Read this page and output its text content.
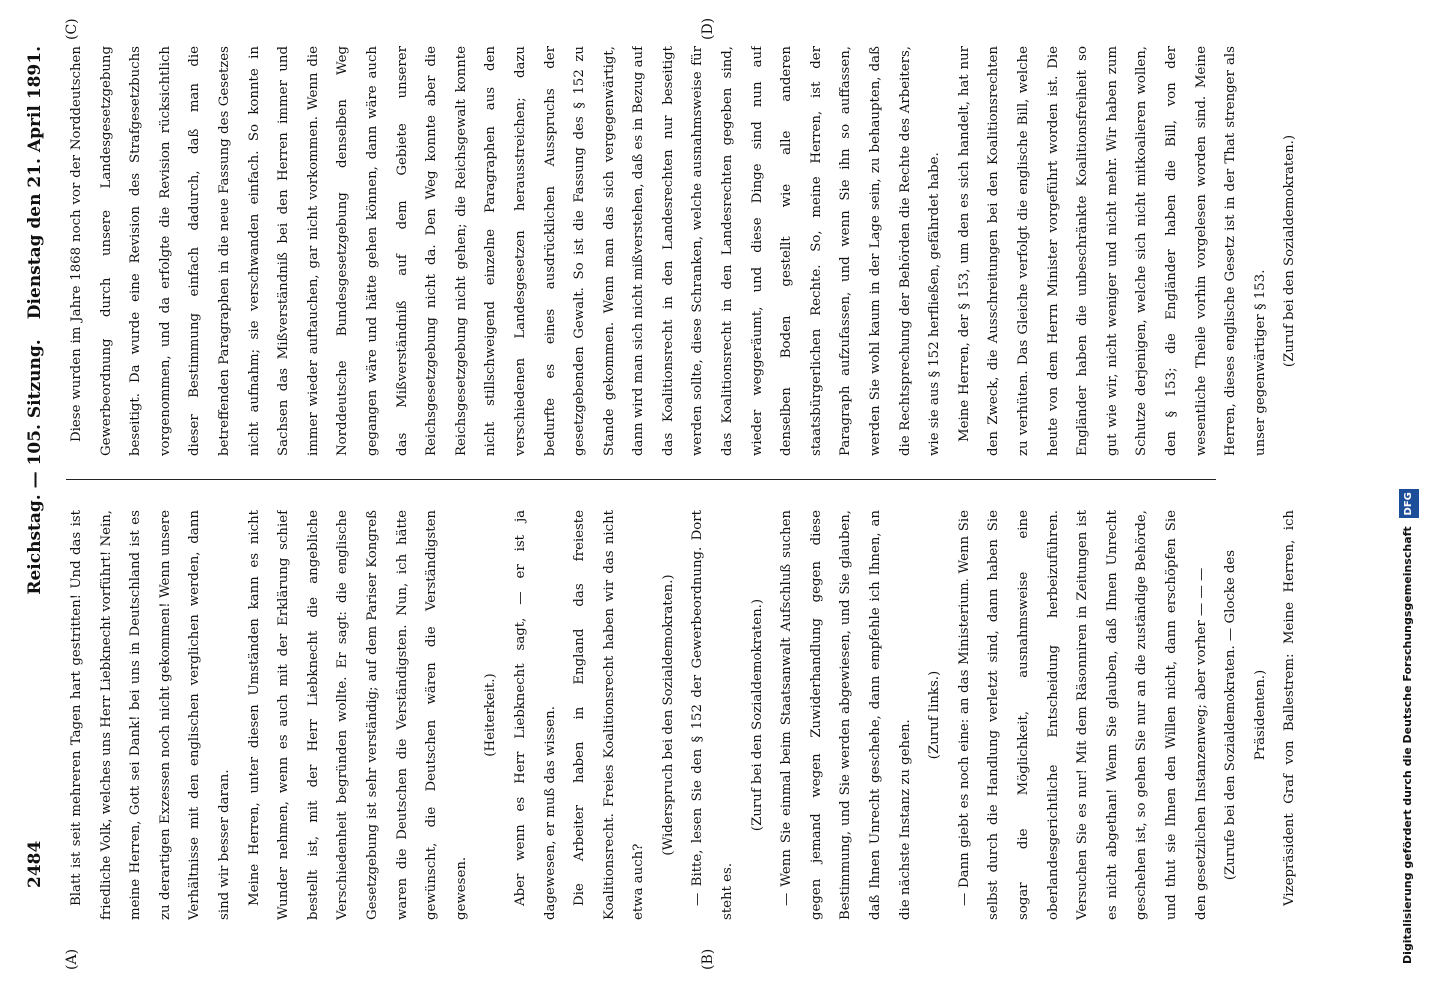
2484
Reichstag. — 105. Sitzung.
Dienstag den 21. April 1891.
(A)	(B)
(C)	(D)

Blatt ist seit mehreren Tagen hart gestritten! Und das ist friedliche Volk, welches uns Herr Liebknecht vorführt! Nein, meine Herren, Gott sei Dank! bei uns in Deutschland ist es zu derartigen Exzessen noch nicht gekommen! Wenn unsere Verhältnisse mit den englischen verglichen werden, dann sind wir besser daran.	Meine Herren, unter diesen Umständen kann es nicht Wunder nehmen, wenn es auch mit der Erklärung schief bestellt ist, mit der Herr Liebknecht die angebliche Verschiedenheit begründen wollte. Er sagt: die englische Gesetzgebung ist sehr verständig; auf dem Pariser Kongreß waren die Deutschen die Verständigsten. Nun, ich hätte gewünscht, die Deutschen wären die Verständigsten gewesen.

(Heiterkeit.)	Aber wenn es Herr Liebknecht sagt, — er ist ja dagewesen, er muß das wissen.	Die Arbeiter haben in England das freieste Koalitionsrecht. Freies Koalitionsrecht haben wir das nicht etwa auch?

(Widerspruch bei den Sozialdemokraten.)	— Bitte, lesen Sie den § 152 der Gewerbeordnung. Dort steht es.

(Zuruf bei den Sozialdemokraten.)	— Wenn Sie einmal beim Staatsanwalt Aufschluß suchen gegen jemand wegen Zuwiderhandlung gegen diese Bestimmung, und Sie werden abgewiesen, und Sie glauben, daß Ihnen Unrecht geschehe, dann empfehle ich Ihnen, an die nächste Instanz zu gehen.

(Zuruf links.)	— Dann giebt es noch eine: an das Ministerium. Wenn Sie selbst durch die Handlung verletzt sind, dann haben Sie sogar die Möglichkeit, ausnahmsweise eine oberlandesgerichtliche Entscheidung herbeizuführen. Versuchen Sie es nur! Mit dem Räsonniren in Zeitungen ist es nicht abgethan! Wenn Sie glauben, daß Ihnen Unrecht geschehen ist, so gehen Sie nur an die zuständige Behörde, und thut sie Ihnen den Willen nicht, dann erschöpfen Sie den gesetzlichen Instanzenweg; aber vorher — — —	(Zurufe bei den Sozialdemokraten. — Glocke des Präsidenten.)

Vizepräsident Graf von Ballestrem: Meine Herren, ich

Diese wurden im Jahre 1868 noch vor der Norddeutschen Gewerbeordnung durch unsere Landesgesetzgebung beseitigt. Da wurde eine Revision des Strafgesetzbuchs vorgenommen, und da erfolgte die Revision rücksichtlich dieser Bestimmung einfach dadurch, daß man die betreffenden Paragraphen in die neue Fassung des Gesetzes nicht aufnahm; sie verschwanden einfach. So konnte in Sachsen das Mißverständniß bei den Herren immer und immer wieder auftauchen, gar nicht vorkommen. Wenn die Norddeutsche Bundesgesetzgebung denselben Weg gegangen wäre und hätte gehen können, dann wäre auch das Mißverständniß auf dem Gebiete unserer Reichsgesetzgebung nicht da. Den Weg konnte aber die Reichsgesetzgebung nicht gehen; die Reichsgewalt konnte nicht stillschweigend einzelne Paragraphen aus den verschiedenen Landesgesetzen herausstreichen; dazu bedurfte es eines ausdrücklichen Ausspruchs der gesetzgebenden Gewalt. So ist die Fassung des § 152 zu Stande gekommen. Wenn man das sich vergegenwärtigt, dann wird man sich nicht mißverstehen, daß es in Bezug auf das Koalitionsrecht in den Landesrechten nur beseitigt werden sollte, diese Schranken, welche ausnahmsweise für das Koalitionsrecht in den Landesrechten gegeben sind, wieder weggeräumt, und diese Dinge sind nun auf denselben Boden gestellt wie alle anderen staatsbürgerlichen Rechte. So, meine Herren, ist der Paragraph aufzufassen, und wenn Sie ihn so auffassen, werden Sie wohl kaum in der Lage sein, zu behaupten, daß die Rechtsprechung der Behörden die Rechte des Arbeiters, wie sie aus § 152 herfließen, gefährdet habe.	Meine Herren, der § 153, um den es sich handelt, hat nur den Zweck, die Ausschreitungen bei den Koalitionsrechten zu verhüten. Das Gleiche verfolgt die englische Bill, welche heute von dem Herrn Minister vorgeführt worden ist. Die Engländer haben die unbeschränkte Koalitionsfreiheit so gut wie wir, nicht weniger und nicht mehr. Wir haben zum Schutze derjenigen, welche sich nicht mitkoalieren wollen, den § 153; die Engländer haben die Bill, von der wesentliche Theile vorhin vorgelesen worden sind. Meine Herren, dieses englische Gesetz ist in der That strenger als unser gegenwärtiger § 153.	(Zuruf bei den Sozialdemokraten.)

Digitalisierung gefördert durch die Deutsche Forschungsgemeinschaft DFG
